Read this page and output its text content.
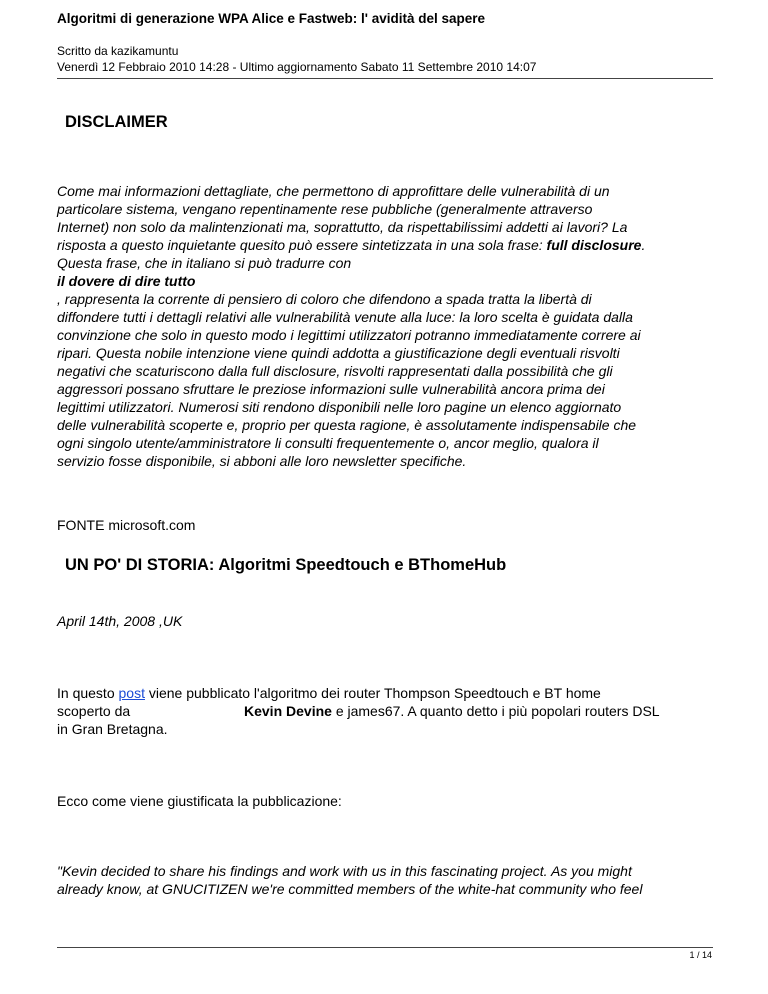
Algoritmi di generazione WPA Alice e Fastweb: l' avidità del sapere
Scritto da kazikamuntu
Venerdì 12 Febbraio 2010 14:28 - Ultimo aggiornamento Sabato 11 Settembre 2010 14:07
DISCLAIMER
Come mai informazioni dettagliate, che permettono di approfittare delle vulnerabilità di un
particolare sistema, vengano repentinamente rese pubbliche (generalmente attraverso
Internet) non solo da malintenzionati ma, soprattutto, da rispettabilissimi addetti ai lavori? La
risposta a questo inquietante quesito può essere sintetizzata in una sola frase: full disclosure.
Questa frase, che in italiano si può tradurre con
il dovere di dire tutto
, rappresenta la corrente di pensiero di coloro che difendono a spada tratta la libertà di
diffondere tutti i dettagli relativi alle vulnerabilità venute alla luce: la loro scelta è guidata dalla
convinzione che solo in questo modo i legittimi utilizzatori potranno immediatamente correre ai
ripari. Questa nobile intenzione viene quindi addotta a giustificazione degli eventuali risvolti
negativi che scaturiscono dalla full disclosure, risvolti rappresentati dalla possibilità che gli
aggressori possano sfruttare le preziose informazioni sulle vulnerabilità ancora prima dei
legittimi utilizzatori. Numerosi siti rendono disponibili nelle loro pagine un elenco aggiornato
delle vulnerabilità scoperte e, proprio per questa ragione, è assolutamente indispensabile che
ogni singolo utente/amministratore li consulti frequentemente o, ancor meglio, qualora il
servizio fosse disponibile, si abboni alle loro newsletter specifiche.
FONTE microsoft.com
UN PO' DI STORIA: Algoritmi Speedtouch e BThomeHub
April 14th, 2008 ,UK
In questo post viene pubblicato l'algoritmo dei router Thompson Speedtouch e BT home
scoperto da	Kevin Devine e james67. A quanto detto i più popolari routers DSL
in Gran Bretagna.
Ecco come viene giustificata la pubblicazione:
"Kevin decided to share his findings and work with us in this fascinating project. As you might
already know, at GNUCITIZEN we're committed members of the white-hat community who feel
1 / 14
